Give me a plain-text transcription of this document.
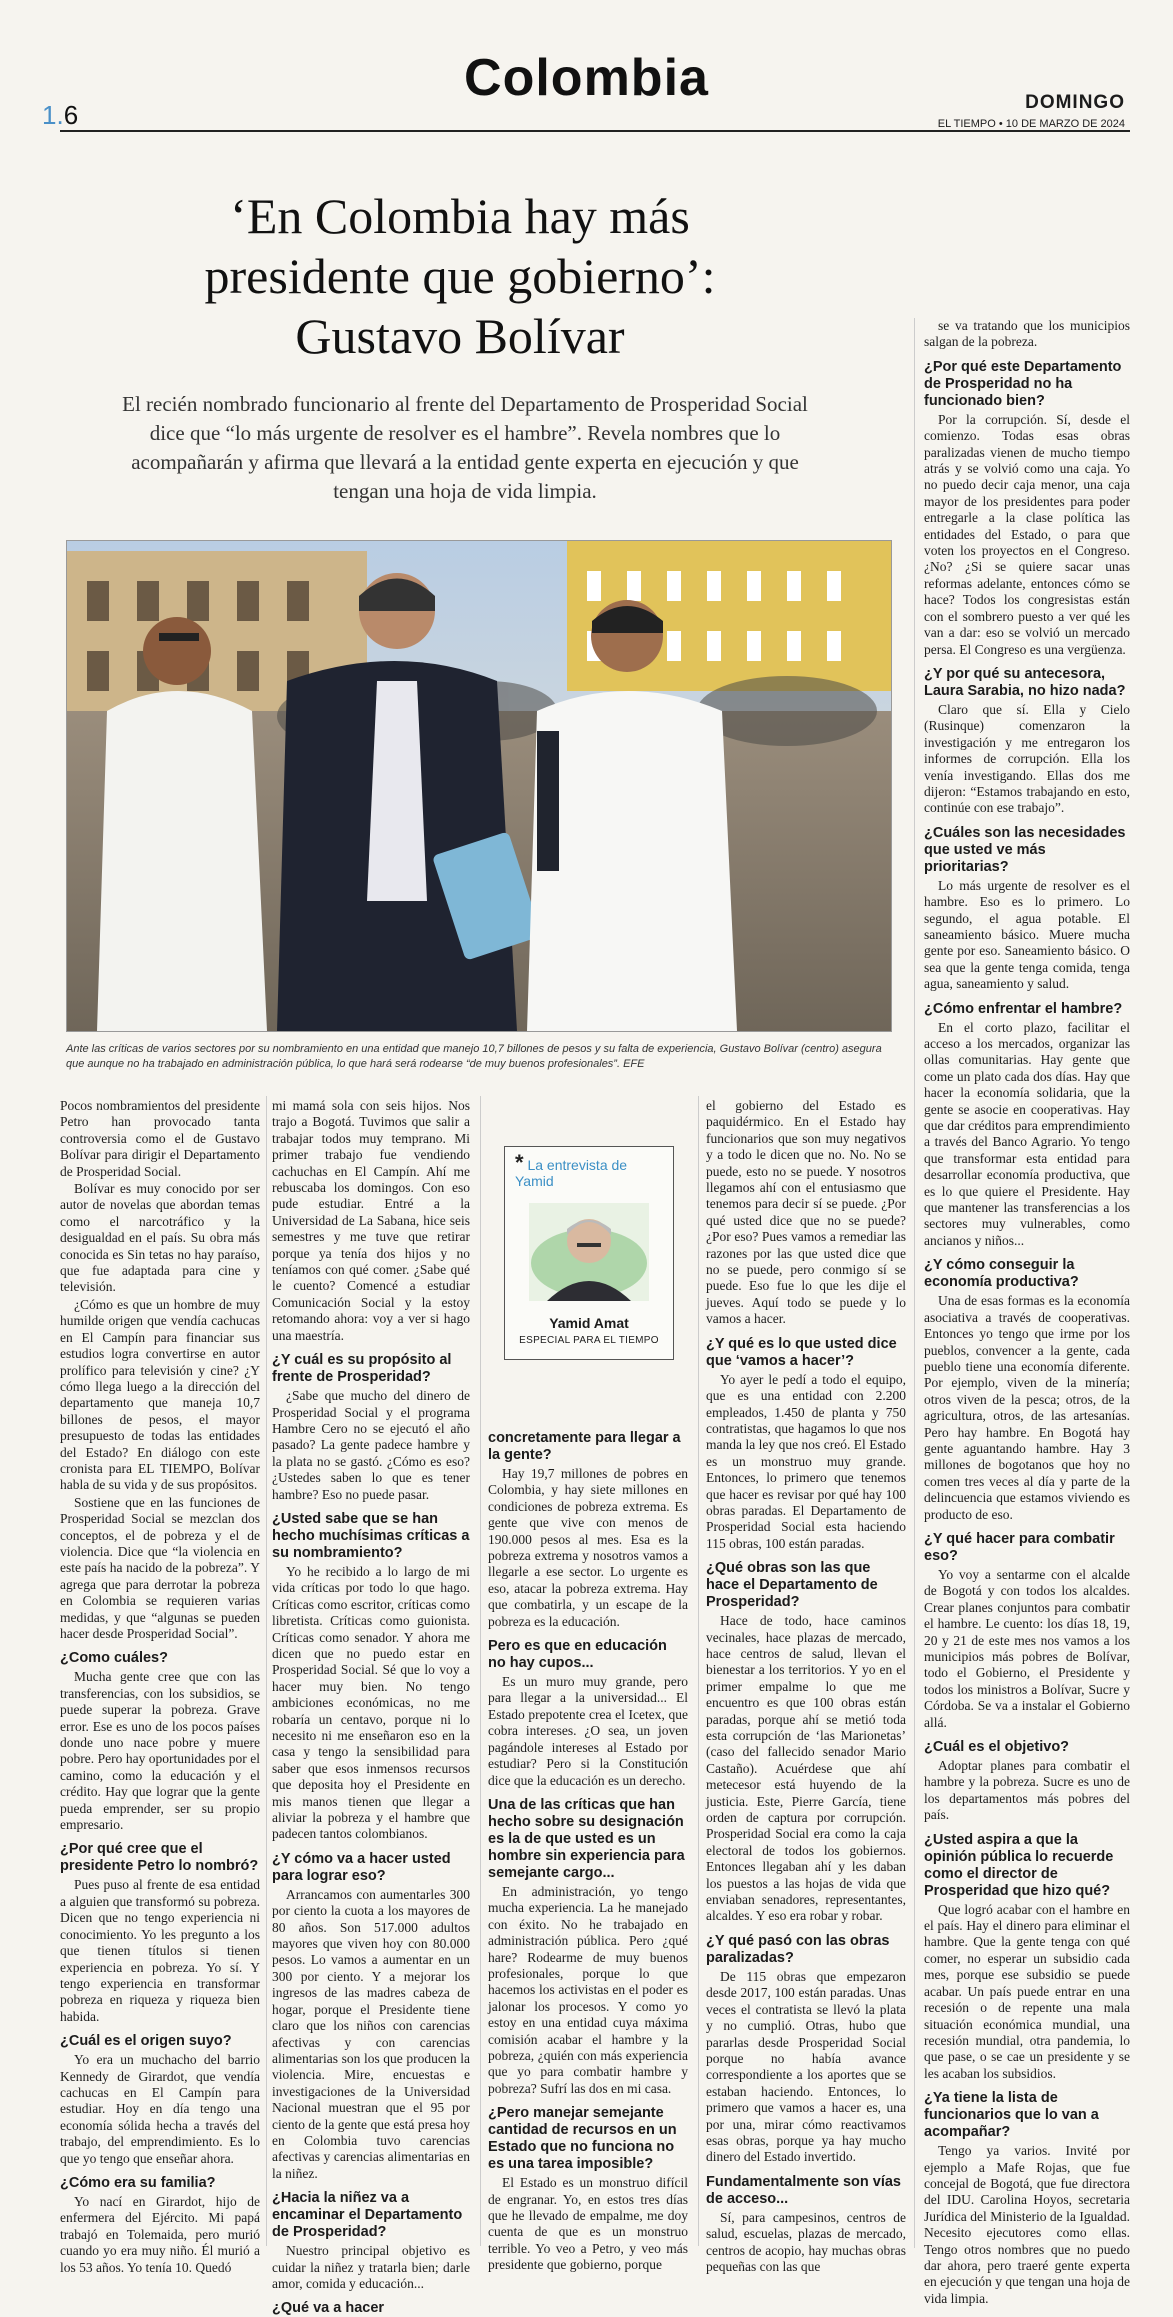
1.6
Colombia	DOMINGO
EL TIEMPO • 10 DE MARZO DE 2024
‘En Colombia hay más
presidente que gobierno’:
Gustavo Bolívar
El recién nombrado funcionario al frente del Departamento de Prosperidad Social dice que “lo más urgente de resolver es el hambre”. Revela nombres que lo acompañarán y afirma que llevará a la entidad gente experta en ejecución y que tengan una hoja de vida limpia.
Ante las críticas de varios sectores por su nombramiento en una entidad que manejo 10,7 billones de pesos y su falta de experiencia, Gustavo Bolívar (centro) asegura que aunque no ha trabajado en administración pública, lo que hará será rodearse “de muy buenos profesionales”. EFE

se va tratando que los municipios salgan de la pobreza.

¿Por qué este Departamento de Prosperidad no ha funcionado bien?

Por la corrupción. Sí, desde el comienzo. Todas esas obras paralizadas vienen de mucho tiempo atrás y se volvió como una caja. Yo no puedo decir caja menor, una caja mayor de los presidentes para poder entregarle a la clase política las entidades del Estado, o para que voten los proyectos en el Congreso. ¿No? ¿Si se quiere sacar unas reformas adelante, entonces cómo se hace? Todos los congresistas están con el sombrero puesto a ver qué les van a dar: eso se volvió un mercado persa. El Congreso es una vergüenza.

¿Y por qué su antecesora, Laura Sarabia, no hizo nada?

Claro que sí. Ella y Cielo (Rusinque) comenzaron la investigación y me entregaron los informes de corrupción. Ella los venía investigando. Ellas dos me dijeron: “Estamos trabajando en esto, continúe con ese trabajo”.

¿Cuáles son las necesidades que usted ve más prioritarias?

Lo más urgente de resolver es el hambre. Eso es lo primero. Lo segundo, el agua potable. El saneamiento básico. Muere mucha gente por eso. Saneamiento básico. O sea que la gente tenga comida, tenga agua, saneamiento y salud.

¿Cómo enfrentar el hambre?

En el corto plazo, facilitar el acceso a los mercados, organizar las ollas comunitarias. Hay gente que come un plato cada dos días. Hay que hacer la economía solidaria, que la gente se asocie en cooperativas. Hay que dar créditos para emprendimiento a través del Banco Agrario. Yo tengo que transformar esta entidad para desarrollar economía productiva, que es lo que quiere el Presidente. Hay que mantener las transferencias a los sectores muy vulnerables, como ancianos y niños...

¿Y cómo conseguir la economía productiva?

Una de esas formas es la economía asociativa a través de cooperativas. Entonces yo tengo que irme por los pueblos, convencer a la gente, cada pueblo tiene una economía diferente. Por ejemplo, viven de la minería; otros viven de la pesca; otros, de la agricultura, otros, de las artesanías. Pero hay hambre. En Bogotá hay gente aguantando hambre. Hay 3 millones de bogotanos que hoy no comen tres veces al día y parte de la delincuencia que estamos viviendo es producto de eso.

¿Y qué hacer para combatir eso?

Yo voy a sentarme con el alcalde de Bogotá y con todos los alcaldes. Crear planes conjuntos para combatir el hambre. Le cuento: los días 18, 19, 20 y 21 de este mes nos vamos a los municipios más pobres de Bolívar, todo el Gobierno, el Presidente y todos los ministros a Bolívar, Sucre y Córdoba. Se va a instalar el Gobierno allá.

¿Cuál es el objetivo?

Adoptar planes para combatir el hambre y la pobreza. Sucre es uno de los departamentos más pobres del país.

¿Usted aspira a que la opinión pública lo recuerde como el director de Prosperidad que hizo qué?

Que logró acabar con el hambre en el país. Hay el dinero para eliminar el hambre. Que la gente tenga con qué comer, no esperar un subsidio cada mes, porque ese subsidio se puede acabar. Un país puede entrar en una recesión o de repente una mala situación económica mundial, una recesión mundial, otra pandemia, lo que pase, o se cae un presidente y se les acaban los subsidios.

¿Ya tiene la lista de funcionarios que lo van a acompañar?

Tengo ya varios. Invité por ejemplo a Mafe Rojas, que fue concejal de Bogotá, que fue directora del IDU. Carolina Hoyos, secretaria Jurídica del Ministerio de la Igualdad. Necesito ejecutores como ellas. Tengo otros nombres que no puedo dar ahora, pero traeré gente experta en ejecución y que tengan una hoja de vida limpia.

Pocos nombramientos del presidente Petro han provocado tanta controversia como el de Gustavo Bolívar para dirigir el Departamento de Prosperidad Social.

Bolívar es muy conocido por ser autor de novelas que abordan temas como el narcotráfico y la desigualdad en el país. Su obra más conocida es Sin tetas no hay paraíso, que fue adaptada para cine y televisión.

¿Cómo es que un hombre de muy humilde origen que vendía cachucas en El Campín para financiar sus estudios logra convertirse en autor prolífico para televisión y cine? ¿Y cómo llega luego a la dirección del departamento que maneja 10,7 billones de pesos, el mayor presupuesto de todas las entidades del Estado? En diálogo con este cronista para EL TIEMPO, Bolívar habla de su vida y de sus propósitos.

Sostiene que en las funciones de Prosperidad Social se mezclan dos conceptos, el de pobreza y el de violencia. Dice que “la violencia en este país ha nacido de la pobreza”. Y agrega que para derrotar la pobreza en Colombia se requieren varias medidas, y que “algunas se pueden hacer desde Prosperidad Social”.

¿Como cuáles?

Mucha gente cree que con las transferencias, con los subsidios, se puede superar la pobreza. Grave error. Ese es uno de los pocos países donde uno nace pobre y muere pobre. Pero hay oportunidades por el camino, como la educación y el crédito. Hay que lograr que la gente pueda emprender, ser su propio empresario.

¿Por qué cree que el presidente Petro lo nombró?

Pues puso al frente de esa entidad a alguien que transformó su pobreza. Dicen que no tengo experiencia ni conocimiento. Yo les pregunto a los que tienen títulos si tienen experiencia en pobreza. Yo sí. Y tengo experiencia en transformar pobreza en riqueza y riqueza bien habida.

¿Cuál es el origen suyo?

Yo era un muchacho del barrio Kennedy de Girardot, que vendía cachucas en El Campín para estudiar. Hoy en día tengo una economía sólida hecha a través del trabajo, del emprendimiento. Es lo que yo tengo que enseñar ahora.

¿Cómo era su familia?

Yo nací en Girardot, hijo de enfermera del Ejército. Mi papá trabajó en Tolemaida, pero murió cuando yo era muy niño. Él murió a los 53 años. Yo tenía 10. Quedó

mi mamá sola con seis hijos. Nos trajo a Bogotá. Tuvimos que salir a trabajar todos muy temprano. Mi primer trabajo fue vendiendo cachuchas en El Campín. Ahí me rebuscaba los domingos. Con eso pude estudiar. Entré a la Universidad de La Sabana, hice seis semestres y me tuve que retirar porque ya tenía dos hijos y no teníamos con qué comer. ¿Sabe qué le cuento? Comencé a estudiar Comunicación Social y la estoy retomando ahora: voy a ver si hago una maestría.

¿Y cuál es su propósito al frente de Prosperidad?

¿Sabe que mucho del dinero de Prosperidad Social y el programa Hambre Cero no se ejecutó el año pasado? La gente padece hambre y la plata no se gastó. ¿Cómo es eso? ¿Ustedes saben lo que es tener hambre? Eso no puede pasar.

¿Usted sabe que se han hecho muchísimas críticas a su nombramiento?

Yo he recibido a lo largo de mi vida críticas por todo lo que hago. Críticas como escritor, críticas como libretista. Críticas como guionista. Críticas como senador. Y ahora me dicen que no puedo estar en Prosperidad Social. Sé que lo voy a hacer muy bien. No tengo ambiciones económicas, no me robaría un centavo, porque ni lo necesito ni me enseñaron eso en la casa y tengo la sensibilidad para saber que esos inmensos recursos que deposita hoy el Presidente en mis manos tienen que llegar a aliviar la pobreza y el hambre que padecen tantos colombianos.

¿Y cómo va a hacer usted para lograr eso?

Arrancamos con aumentarles 300 por ciento la cuota a los mayores de 80 años. Son 517.000 adultos mayores que viven hoy con 80.000 pesos. Lo vamos a aumentar en un 300 por ciento. Y a mejorar los ingresos de las madres cabeza de hogar, porque el Presidente tiene claro que los niños con carencias afectivas y con carencias alimentarias son los que producen la violencia. Mire, encuestas e investigaciones de la Universidad Nacional muestran que el 95 por ciento de la gente que está presa hoy en Colombia tuvo carencias afectivas y carencias alimentarias en la niñez.

¿Hacia la niñez va a encaminar el Departamento de Prosperidad?

Nuestro principal objetivo es cuidar la niñez y tratarla bien; darle amor, comida y educación...

¿Qué va a hacer
concretamente para llegar a la gente?

Hay 19,7 millones de pobres en Colombia, y hay siete millones en condiciones de pobreza extrema. Es gente que vive con menos de 190.000 pesos al mes. Esa es la pobreza extrema y nosotros vamos a llegarle a ese sector. Lo urgente es eso, atacar la pobreza extrema. Hay que combatirla, y un escape de la pobreza es la educación.

Pero es que en educación no hay cupos...

Es un muro muy grande, pero para llegar a la universidad... El Estado prepotente crea el Icetex, que cobra intereses. ¿O sea, un joven pagándole intereses al Estado por estudiar? Pero si la Constitución dice que la educación es un derecho.

Una de las críticas que han hecho sobre su designación es la de que usted es un hombre sin experiencia para semejante cargo...

En administración, yo tengo mucha experiencia. La he manejado con éxito. No he trabajado en administración pública. Pero ¿qué hare? Rodearme de muy buenos profesionales, porque lo que hacemos los activistas en el poder es jalonar los procesos. Y como yo estoy en una entidad cuya máxima comisión acabar el hambre y la pobreza, ¿quién con más experiencia que yo para combatir hambre y pobreza? Sufrí las dos en mi casa.

¿Pero manejar semejante cantidad de recursos en un Estado que no funciona no es una tarea imposible?

El Estado es un monstruo difícil de engranar. Yo, en estos tres días que he llevado de empalme, me doy cuenta de que es un monstruo terrible. Yo veo a Petro, y veo más presidente que gobierno, porque

el gobierno del Estado es paquidérmico. En el Estado hay funcionarios que son muy negativos y a todo le dicen que no. No. No se puede, esto no se puede. Y nosotros llegamos ahí con el entusiasmo que tenemos para decir sí se puede. ¿Por qué usted dice que no se puede? ¿Por eso? Pues vamos a remediar las razones por las que usted dice que no se puede, pero conmigo sí se puede. Eso fue lo que les dije el jueves. Aquí todo se puede y lo vamos a hacer.

¿Y qué es lo que usted dice que ‘vamos a hacer’?

Yo ayer le pedí a todo el equipo, que es una entidad con 2.200 empleados, 1.450 de planta y 750 contratistas, que hagamos lo que nos manda la ley que nos creó. El Estado es un monstruo muy grande. Entonces, lo primero que tenemos que hacer es revisar por qué hay 100 obras paradas. El Departamento de Prosperidad Social esta haciendo 115 obras, 100 están paradas.

¿Qué obras son las que hace el Departamento de Prosperidad?

Hace de todo, hace caminos vecinales, hace plazas de mercado, hace centros de salud, llevan el bienestar a los territorios. Y yo en el primer empalme lo que me encuentro es que 100 obras están paradas, porque ahí se metió toda esta corrupción de ‘las Marionetas’ (caso del fallecido senador Mario Castaño). Acuérdese que ahí metecesor está huyendo de la justicia. Este, Pierre García, tiene orden de captura por corrupción. Prosperidad Social era como la caja electoral de todos los gobiernos. Entonces llegaban ahí y les daban los puestos a las hojas de vida que enviaban senadores, representantes, alcaldes. Y eso era robar y robar.

¿Y qué pasó con las obras paralizadas?

De 115 obras que empezaron desde 2017, 100 están paradas. Unas veces el contratista se llevó la plata y no cumplió. Otras, hubo que pararlas desde Prosperidad Social porque no había avance correspondiente a los aportes que se estaban haciendo. Entonces, lo primero que vamos a hacer es, una por una, mirar cómo reactivamos esas obras, porque ya hay mucho dinero del Estado invertido.

Fundamentalmente son vías de acceso...

Sí, para campesinos, centros de salud, escuelas, plazas de mercado, centros de acopio, hay muchas obras pequeñas con las que

* La entrevista de Yamid
Yamid Amat
ESPECIAL PARA EL TIEMPO
